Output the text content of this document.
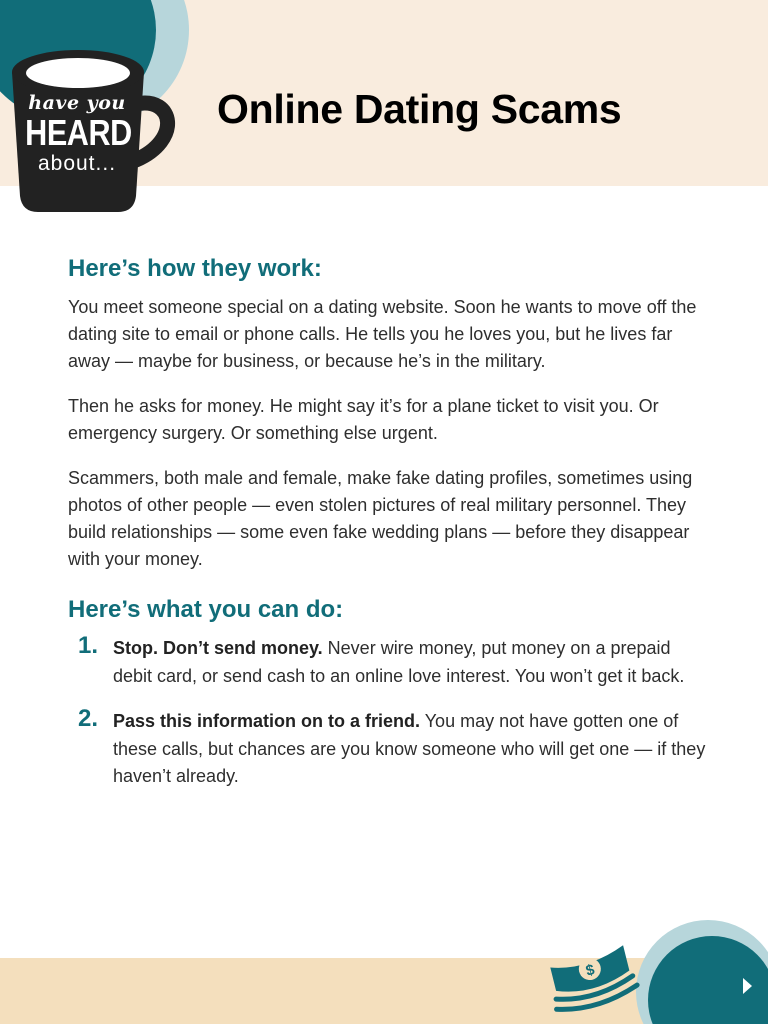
have you
HEARD
about...
Online Dating Scams
Here’s how they work:

You meet someone special on a dating website. Soon he wants to move off the dating site to email or phone calls. He tells you he loves you, but he lives far away — maybe for business, or because he’s in the military.

Then he asks for money. He might say it’s for a plane ticket to visit you. Or emergency surgery. Or something else urgent.

Scammers, both male and female, make fake dating profiles, sometimes using photos of other people — even stolen pictures of real military personnel. They build relationships — some even fake wedding plans — before they disappear with your money.

Here’s what you can do:
1. Stop. Don’t send money. Never wire money, put money on a prepaid debit card, or send cash to an online love interest. You won’t get it back.
2. Pass this information on to a friend. You may not have gotten one of these calls, but chances are you know someone who will get one — if they haven’t already.
$
